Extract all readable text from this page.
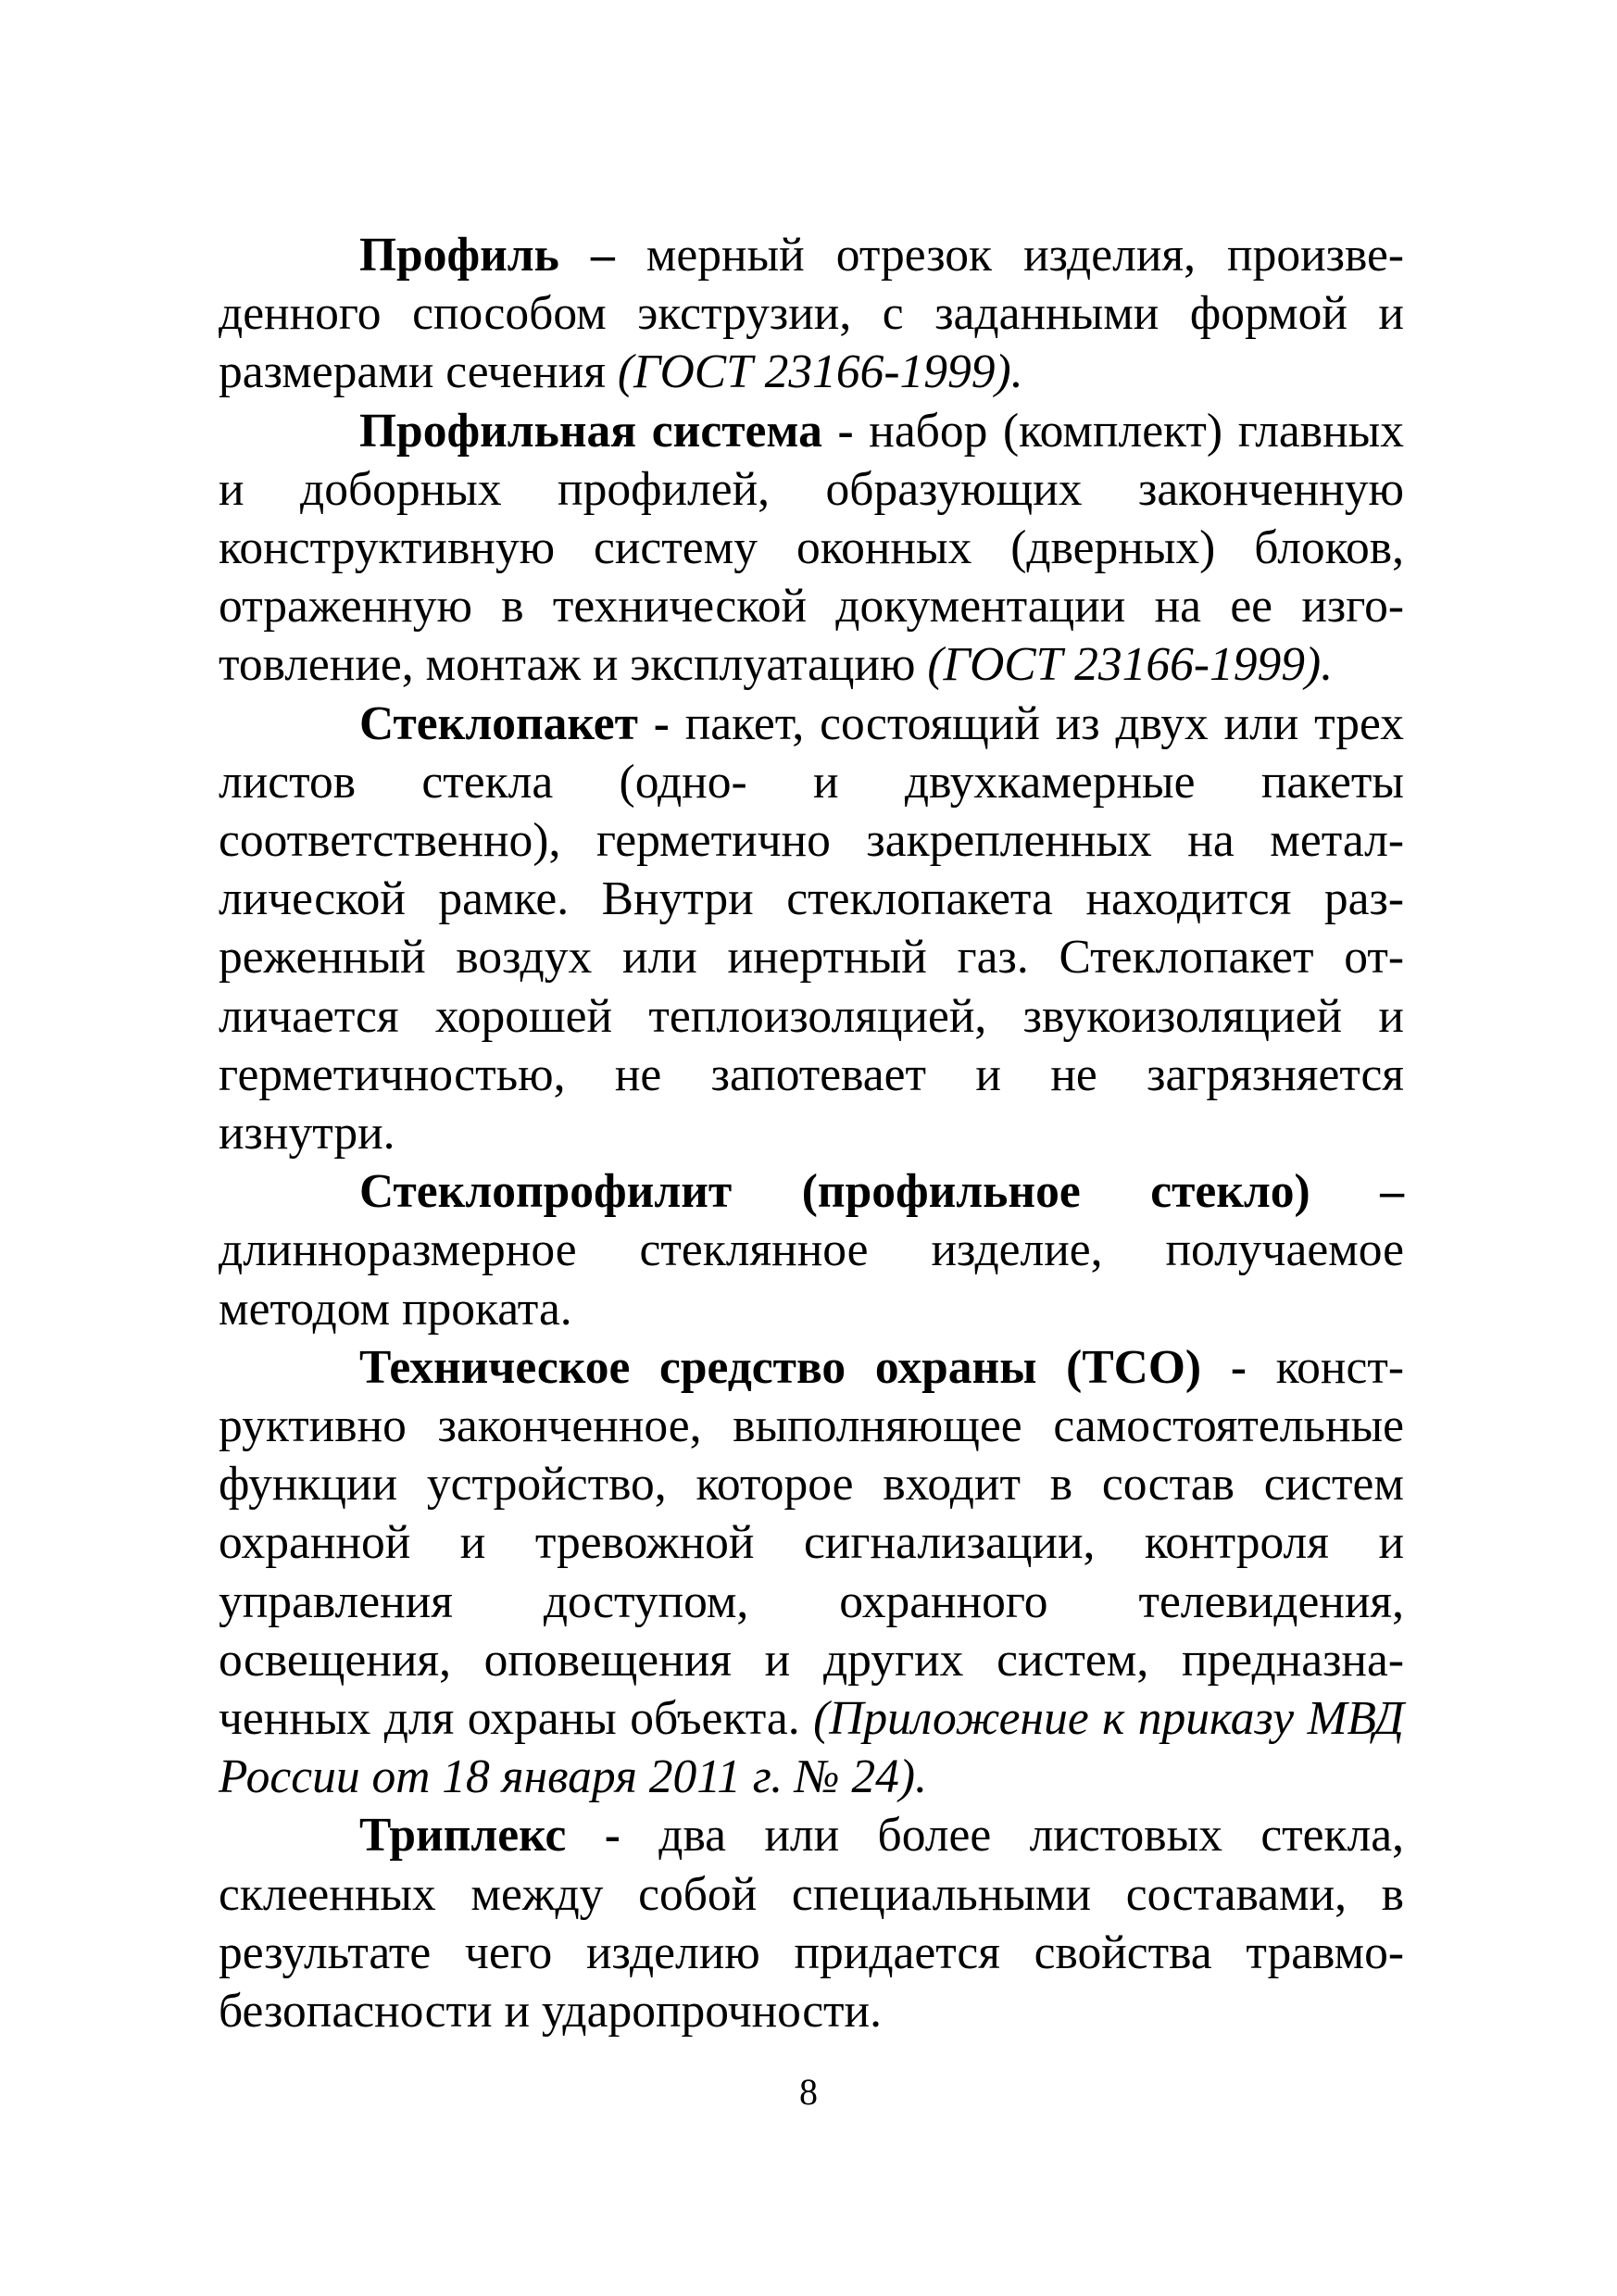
Профиль – мерный отрезок изделия, произведенного способом экструзии, с заданными формой и размерами сечения (ГОСТ 23166-1999).

Профильная система - набор (комплект) главных и доборных профилей, образующих законченную конструктивную систему оконных (дверных) блоков, отраженную в технической документации на ее изготовление, монтаж и эксплуатацию (ГОСТ 23166-1999).

Стеклопакет - пакет, состоящий из двух или трех листов стекла (одно- и двухкамерные пакеты соответственно), герметично закрепленных на металлической рамке. Внутри стеклопакета находится разреженный воздух или инертный газ. Стеклопакет отличается хорошей теплоизоляцией, звукоизоляцией и герметичностью, не запотевает и не загрязняется изнутри.

Стеклопрофилит (профильное стекло) – длинноразмерное стеклянное изделие, получаемое методом проката.

Техническое средство охраны (ТСО) - конструктивно законченное, выполняющее самостоятельные функции устройство, которое входит в состав систем охранной и тревожной сигнализации, контроля и управления доступом, охранного телевидения, освещения, оповещения и других систем, предназначенных для охраны объекта. (Приложение к приказу МВД России от 18 января 2011 г. № 24).

Триплекс - два или более листовых стекла, склеенных между собой специальными составами, в результате чего изделию придается свойства травмобезопасности и ударопрочности.

8
